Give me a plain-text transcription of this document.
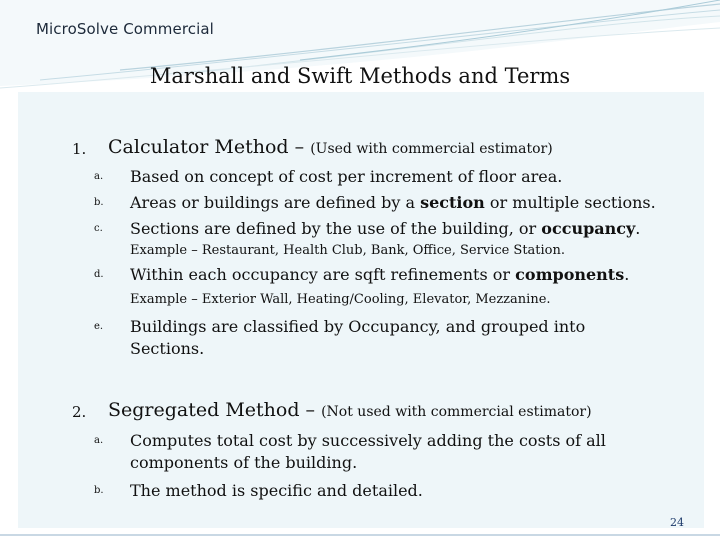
MicroSolve Commercial
Marshall and Swift Methods and Terms
1. Calculator Method – (Used with commercial estimator)
a. Based on concept of cost per increment of floor area.
b. Areas or buildings are defined by a section or multiple sections.
c. Sections are defined by the use of the building, or occupancy.
Example – Restaurant, Health Club, Bank, Office, Service Station.
d. Within each occupancy are sqft refinements or components.
Example – Exterior Wall, Heating/Cooling, Elevator, Mezzanine.
e. Buildings are classified by Occupancy, and grouped into Sections.
2. Segregated Method – (Not used with commercial estimator)
a. Computes total cost by successively adding the costs of all components of the building.
b. The method is specific and detailed.
24
